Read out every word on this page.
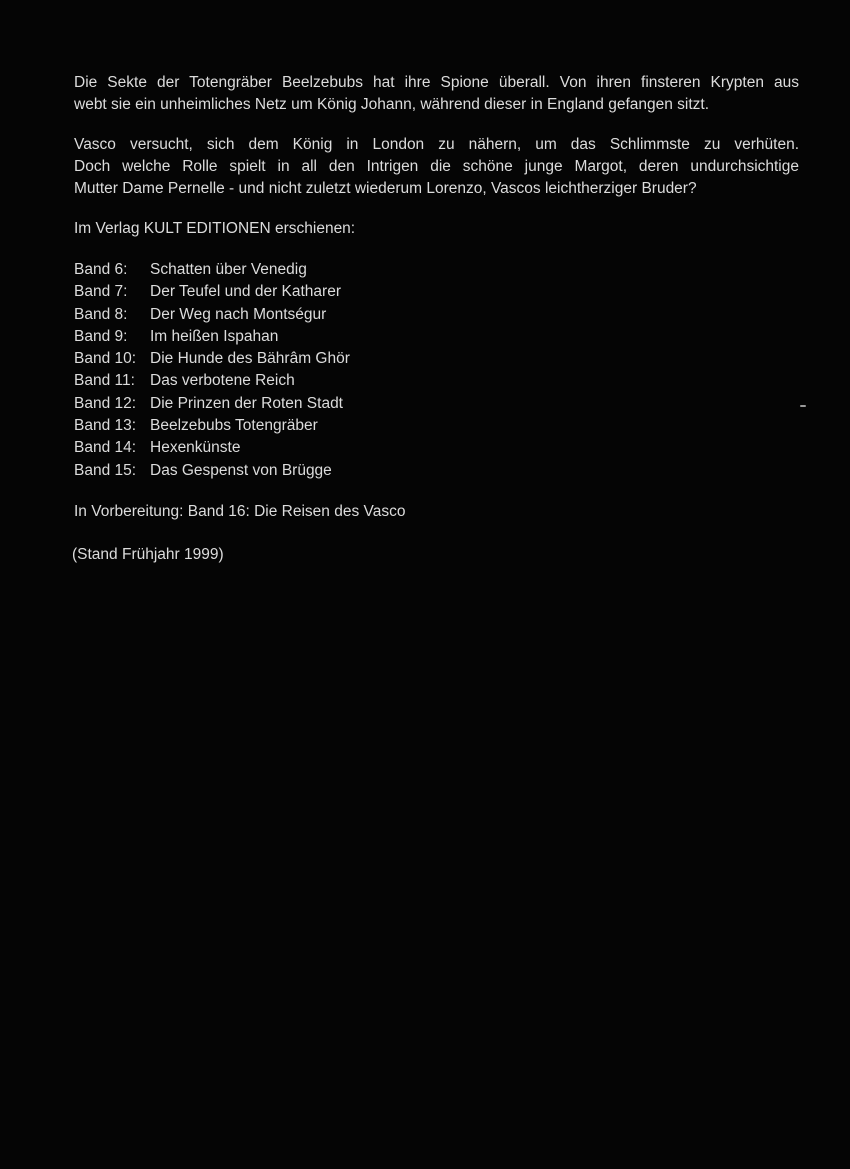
Die Sekte der Totengräber Beelzebubs hat ihre Spione überall. Von ihren finsteren Krypten aus
webt sie ein unheimliches Netz um König Johann, während dieser in England gefangen sitzt.
Vasco versucht, sich dem König in London zu nähern, um das Schlimmste zu verhüten.
Doch welche Rolle spielt in all den Intrigen die schöne junge Margot, deren undurchsichtige
Mutter Dame Pernelle - und nicht zuletzt wiederum Lorenzo, Vascos leichtherziger Bruder?

Im Verlag KULT EDITIONEN erschienen:

Band 6:	Schatten über Venedig
Band 7:	Der Teufel und der Katharer
Band 8:	Der Weg nach Montségur
Band 9:	Im heißen Ispahan
Band 10: Die Hunde des Bährâm Ghör
Band 11: Das verbotene Reich
Band 12: Die Prinzen der Roten Stadt
Band 13: Beelzebubs Totengräber
Band 14: Hexenkünste
Band 15: Das Gespenst von Brügge

In Vorbereitung: Band 16: Die Reisen des Vasco

(Stand Frühjahr 1999)
